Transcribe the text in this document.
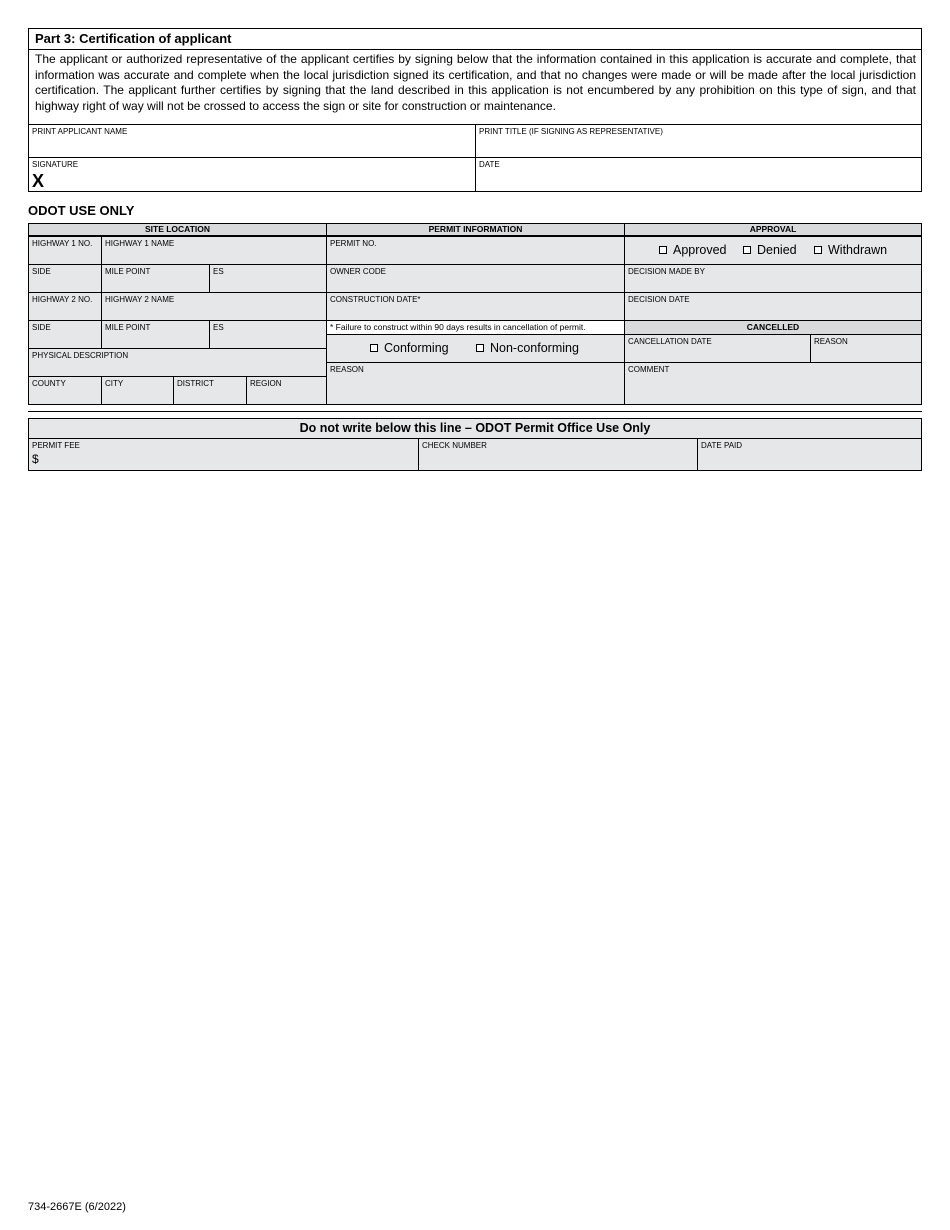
Part 3: Certification of applicant
The applicant or authorized representative of the applicant certifies by signing below that the information contained in this application is accurate and complete, that information was accurate and complete when the local jurisdiction signed its certification, and that no changes were made or will be made after the local jurisdiction certification. The applicant further certifies by signing that the land described in this application is not encumbered by any prohibition on this type of sign, and that highway right of way will not be crossed to access the sign or site for construction or maintenance.
PRINT APPLICANT NAME	PRINT TITLE (IF SIGNING AS REPRESENTATIVE)
SIGNATURE
X
DATE
ODOT USE ONLY
SITE LOCATION
HIGHWAY 1 NO. HIGHWAY 1 NAME
SIDE	MILE POINT	ES
HIGHWAY 2 NO. HIGHWAY 2 NAME
SIDE	MILE POINT	ES
PHYSICAL DESCRIPTION
COUNTY	CITY	DISTRICT	REGION
PERMIT INFORMATION
PERMIT NO.
OWNER CODE
CONSTRUCTION DATE*
* Failure to construct within 90 days results in cancellation of permit.
Conforming	Non-conforming
REASON
APPROVAL
Approved	Denied	Withdrawn
DECISION MADE BY
DECISION DATE
CANCELLED
CANCELLATION DATE	REASON
COMMENT
Do not write below this line – ODOT Permit Office Use Only
PERMIT FEE
$
CHECK NUMBER	DATE PAID
734-2667E (6/2022)
